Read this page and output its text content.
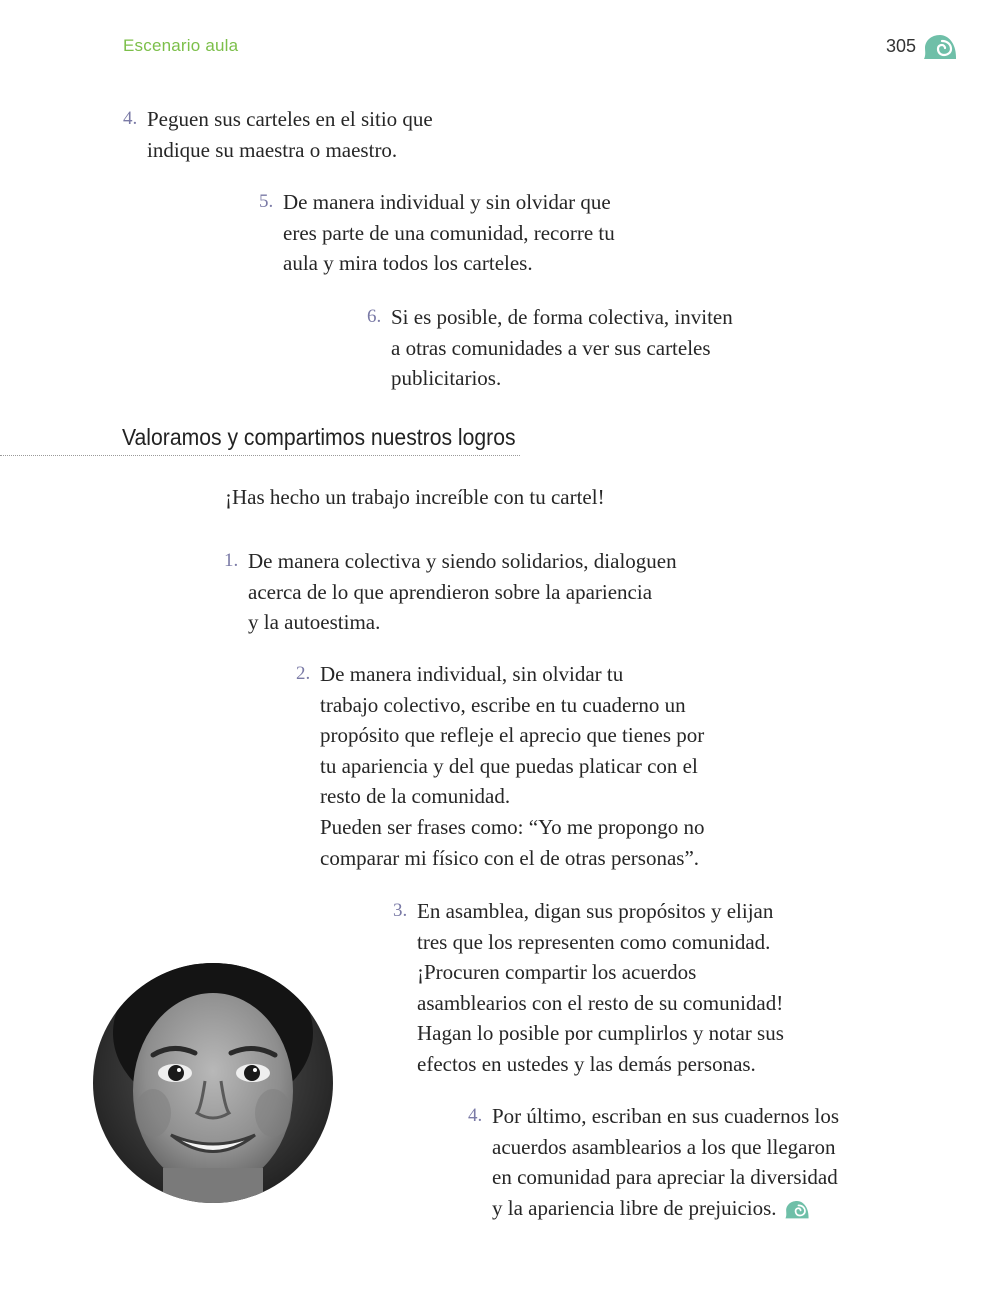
Escenario aula	305
4. Peguen sus carteles en el sitio que
indique su maestra o maestro.
5. De manera individual y sin olvidar que
eres parte de una comunidad, recorre tu
aula y mira todos los carteles.
6. Si es posible, de forma colectiva, inviten
a otras comunidades a ver sus carteles
publicitarios.
Valoramos y compartimos nuestros logros
¡Has hecho un trabajo increíble con tu cartel!
1. De manera colectiva y siendo solidarios, dialoguen
acerca de lo que aprendieron sobre la apariencia
y la autoestima.
2. De manera individual, sin olvidar tu
trabajo colectivo, escribe en tu cuaderno un
propósito que refleje el aprecio que tienes por
tu apariencia y del que puedas platicar con el
resto de la comunidad.
Pueden ser frases como: “Yo me propongo no
comparar mi físico con el de otras personas”.
3. En asamblea, digan sus propósitos y elijan
tres que los representen como comunidad.
¡Procuren compartir los acuerdos
asamblearios con el resto de su comunidad!
Hagan lo posible por cumplirlos y notar sus
efectos en ustedes y las demás personas.
4. Por último, escriban en sus cuadernos los
acuerdos asamblearios a los que llegaron
en comunidad para apreciar la diversidad
y la apariencia libre de prejuicios.
